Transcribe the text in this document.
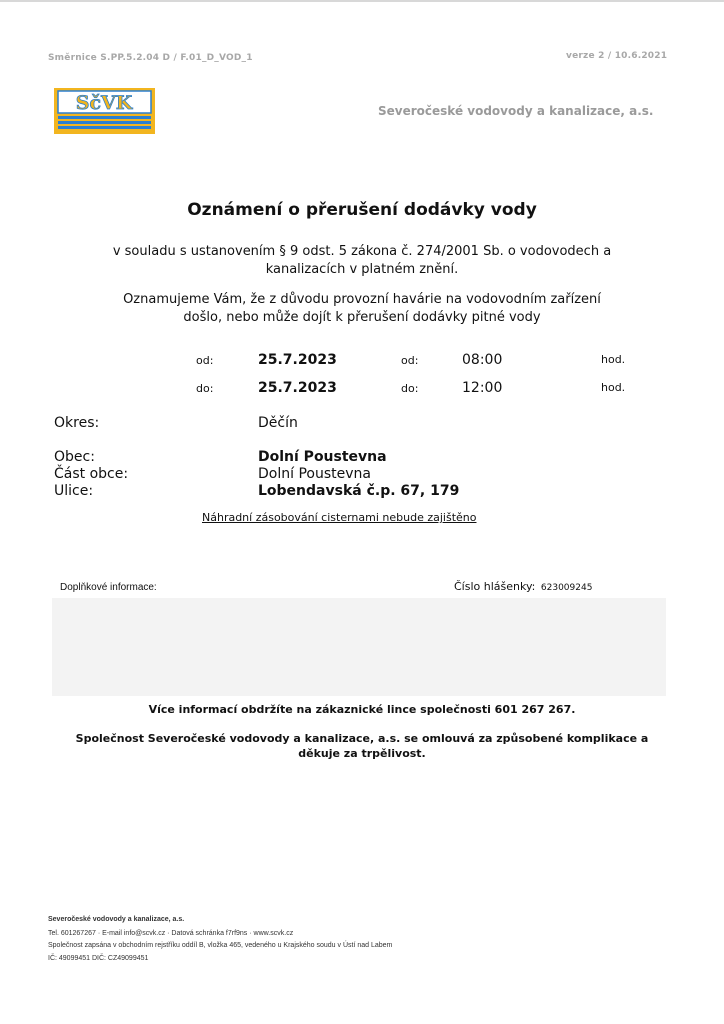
Směrnice S.PP.5.2.04 D / F.01_D_VOD_1	verze 2 / 10.6.2021
SčVK	Severočeské vodovody a kanalizace, a.s.
Oznámení o přerušení dodávky vody
v souladu s ustanovením § 9 odst. 5 zákona č. 274/2001 Sb. o vodovodech a
kanalizacích v platném znění.
Oznamujeme Vám, že z důvodu provozní havárie na vodovodním zařízení
došlo, nebo může dojít k přerušení dodávky pitné vody
od:	25.7.2023	od:	08:00	hod.
do:	25.7.2023	do:	12:00	hod.
Okres:	Děčín
Obec:	Dolní Poustevna
Část obce:	Dolní Poustevna
Ulice:	Lobendavská č.p. 67, 179
Náhradní zásobování cisternami nebude zajištěno
Doplňkové informace:	Číslo hlášenky: 623009245
Více informací obdržíte na zákaznické lince společnosti 601 267 267.
Společnost Severočeské vodovody a kanalizace, a.s. se omlouvá za způsobené komplikace a
děkuje za trpělivost.
Severočeské vodovody a kanalizace, a.s.
Tel. 601267267 · E-mail info@scvk.cz · Datová schránka f7rf9ns · www.scvk.cz
Společnost zapsána v obchodním rejstříku oddíl B, vložka 465, vedeného u Krajského soudu v Ústí nad Labem
IČ: 49099451 DIČ: CZ49099451
